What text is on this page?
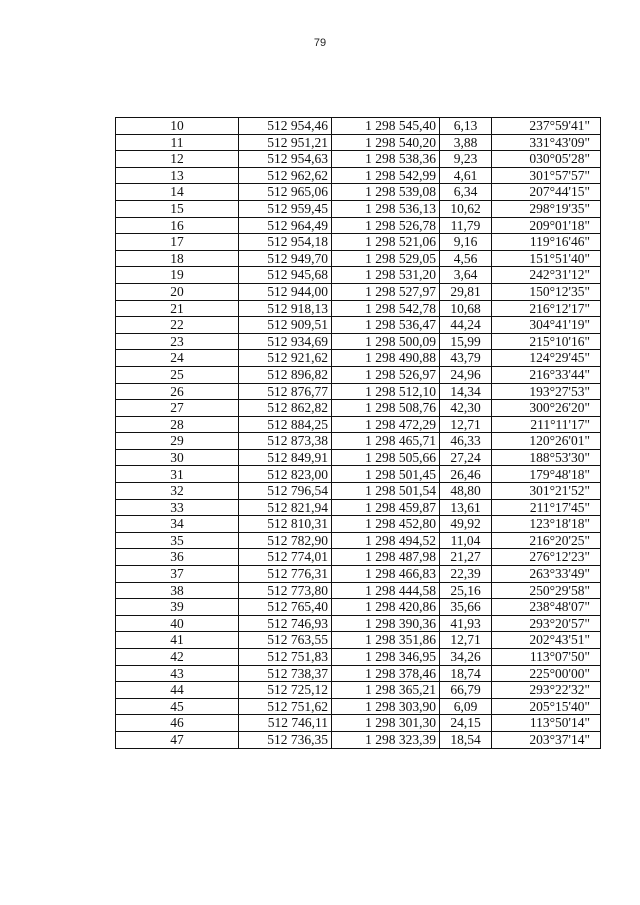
79
10	512 954,46	1 298 545,40	6,13	237°59'41"
11	512 951,21	1 298 540,20	3,88	331°43'09"
12	512 954,63	1 298 538,36	9,23	030°05'28"
13	512 962,62	1 298 542,99	4,61	301°57'57"
14	512 965,06	1 298 539,08	6,34	207°44'15"
15	512 959,45	1 298 536,13	10,62	298°19'35"
16	512 964,49	1 298 526,78	11,79	209°01'18"
17	512 954,18	1 298 521,06	9,16	119°16'46"
18	512 949,70	1 298 529,05	4,56	151°51'40"
19	512 945,68	1 298 531,20	3,64	242°31'12"
20	512 944,00	1 298 527,97	29,81	150°12'35"
21	512 918,13	1 298 542,78	10,68	216°12'17"
22	512 909,51	1 298 536,47	44,24	304°41'19"
23	512 934,69	1 298 500,09	15,99	215°10'16"
24	512 921,62	1 298 490,88	43,79	124°29'45"
25	512 896,82	1 298 526,97	24,96	216°33'44"
26	512 876,77	1 298 512,10	14,34	193°27'53"
27	512 862,82	1 298 508,76	42,30	300°26'20"
28	512 884,25	1 298 472,29	12,71	211°11'17"
29	512 873,38	1 298 465,71	46,33	120°26'01"
30	512 849,91	1 298 505,66	27,24	188°53'30"
31	512 823,00	1 298 501,45	26,46	179°48'18"
32	512 796,54	1 298 501,54	48,80	301°21'52"
33	512 821,94	1 298 459,87	13,61	211°17'45"
34	512 810,31	1 298 452,80	49,92	123°18'18"
35	512 782,90	1 298 494,52	11,04	216°20'25"
36	512 774,01	1 298 487,98	21,27	276°12'23"
37	512 776,31	1 298 466,83	22,39	263°33'49"
38	512 773,80	1 298 444,58	25,16	250°29'58"
39	512 765,40	1 298 420,86	35,66	238°48'07"
40	512 746,93	1 298 390,36	41,93	293°20'57"
41	512 763,55	1 298 351,86	12,71	202°43'51"
42	512 751,83	1 298 346,95	34,26	113°07'50"
43	512 738,37	1 298 378,46	18,74	225°00'00"
44	512 725,12	1 298 365,21	66,79	293°22'32"
45	512 751,62	1 298 303,90	6,09	205°15'40"
46	512 746,11	1 298 301,30	24,15	113°50'14"
47	512 736,35	1 298 323,39	18,54	203°37'14"
